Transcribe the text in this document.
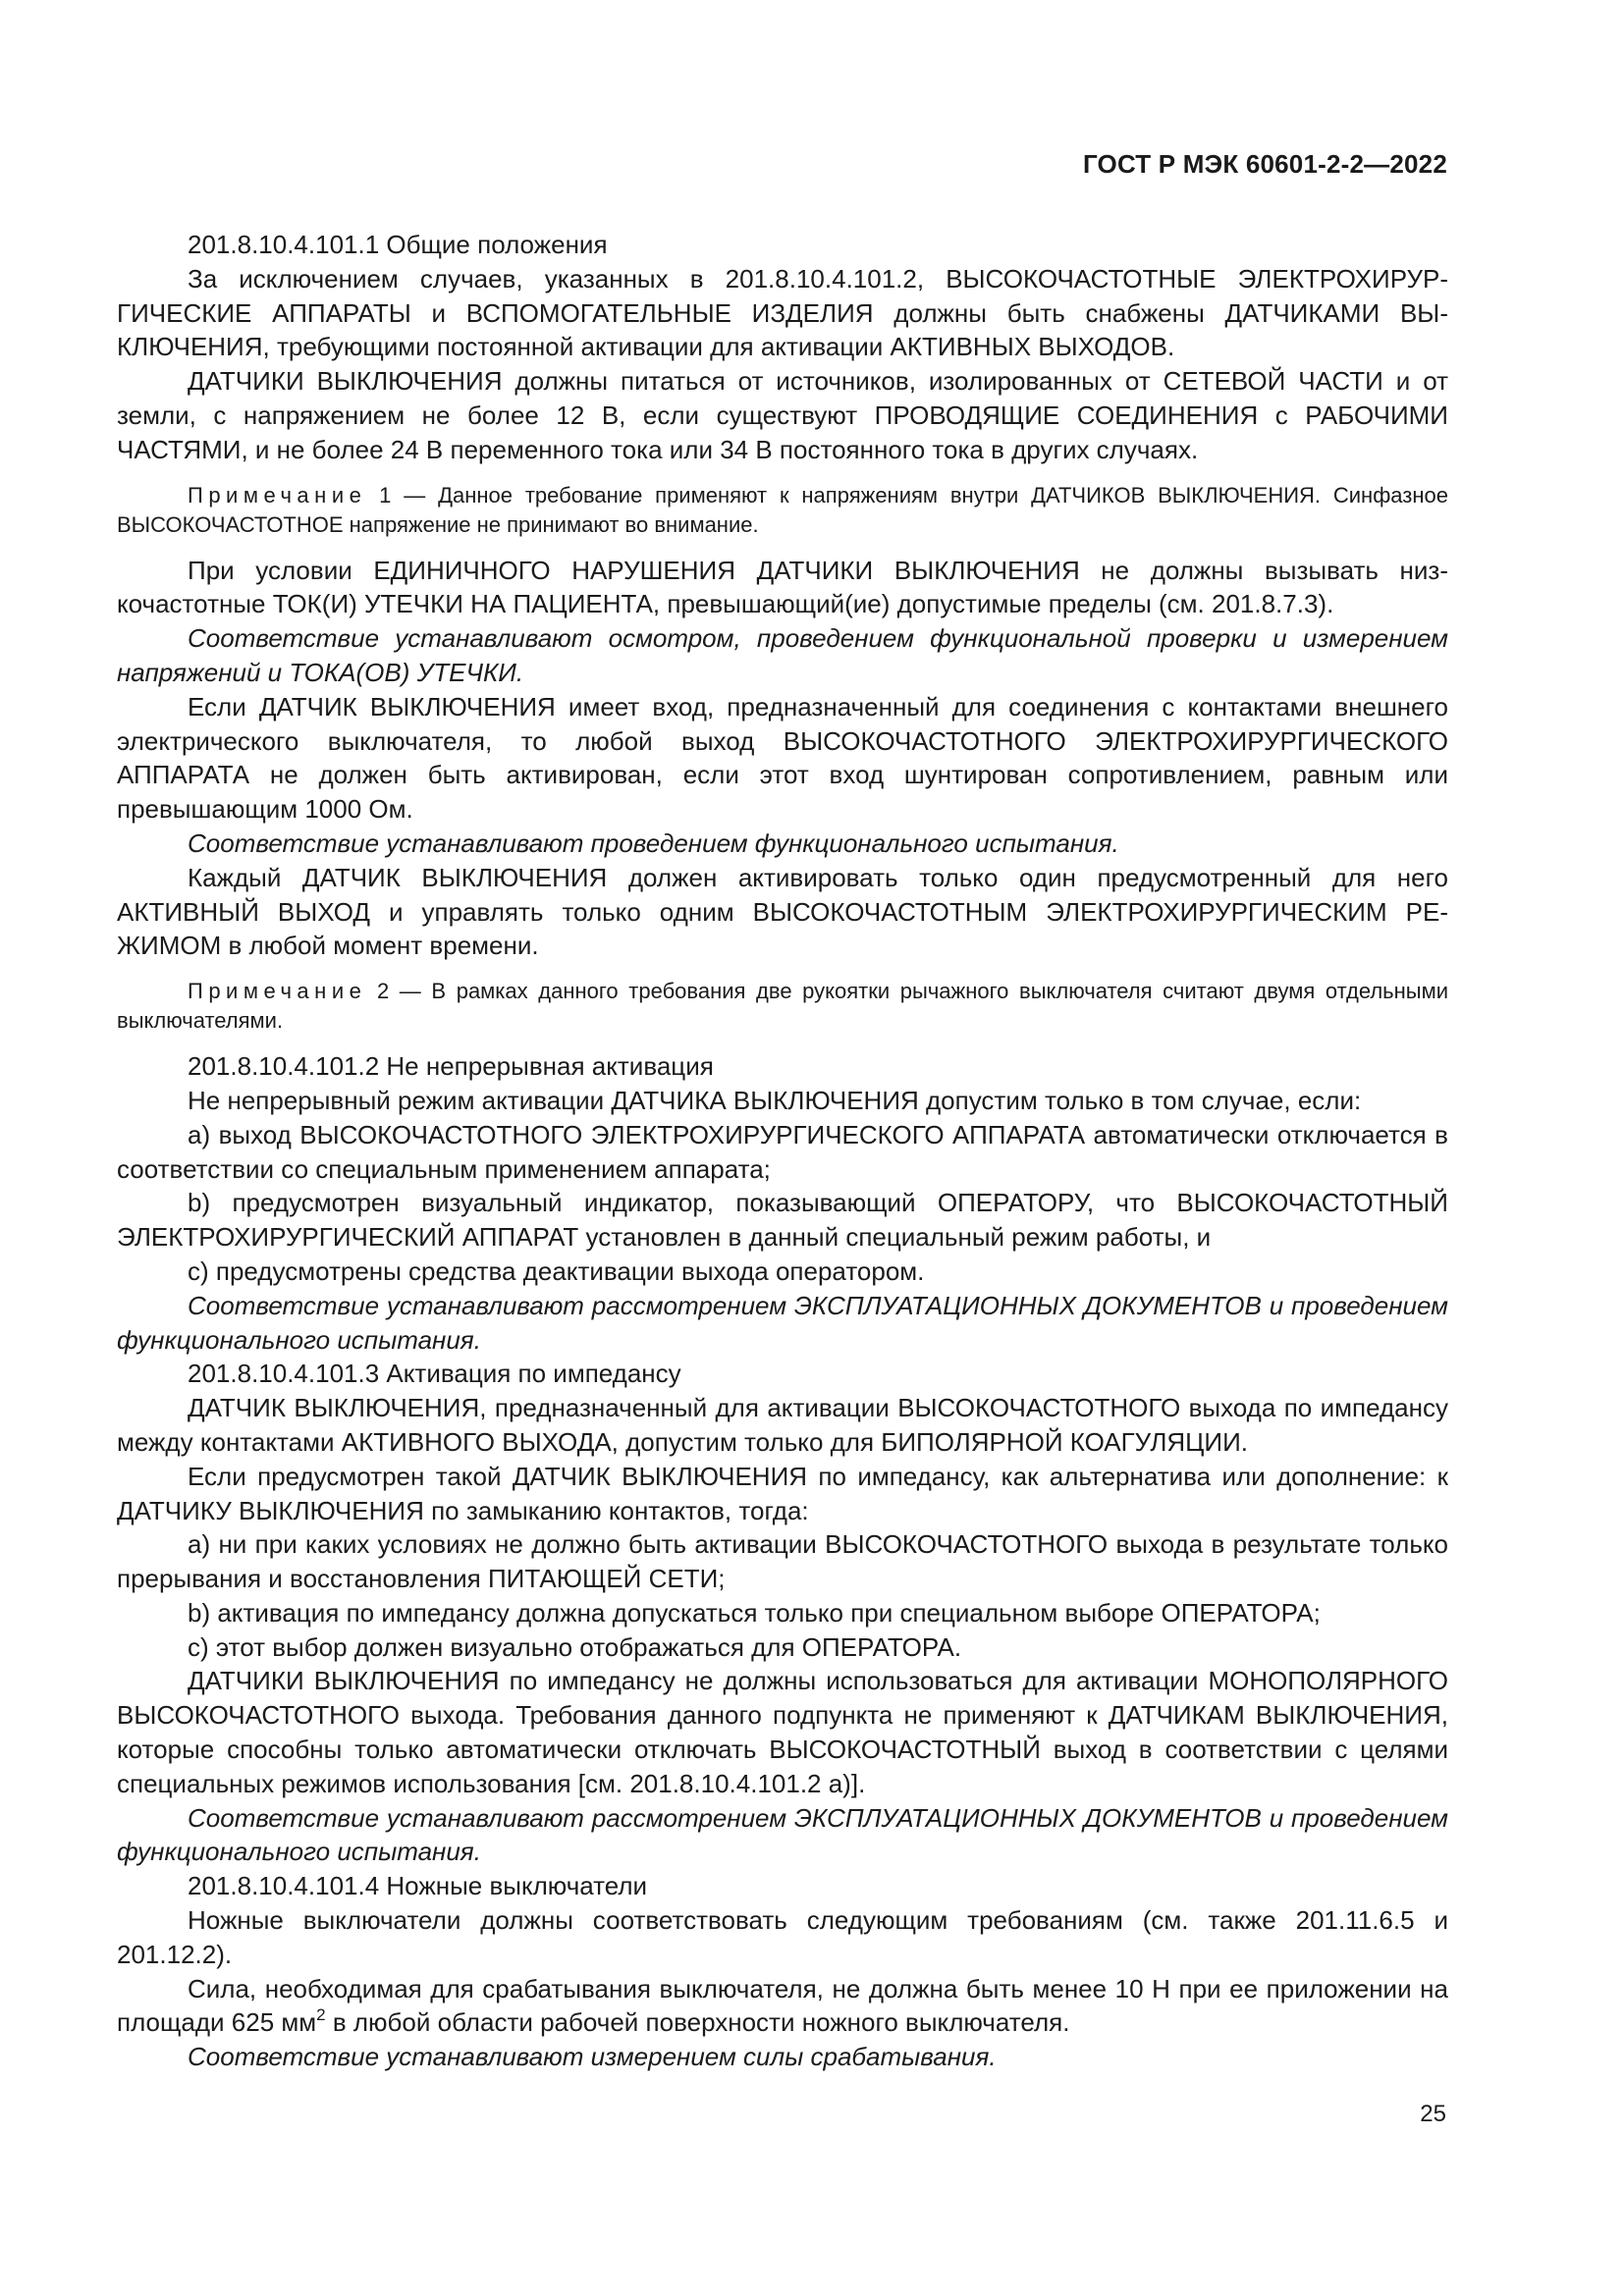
ГОСТ Р МЭК 60601-2-2—2022

201.8.10.4.101.1 Общие положения

За исключением случаев, указанных в 201.8.10.4.101.2, ВЫСОКОЧАСТОТНЫЕ ЭЛЕКТРОХИРУРГИЧЕСКИЕ АППАРАТЫ и ВСПОМОГАТЕЛЬНЫЕ ИЗДЕЛИЯ должны быть снабжены ДАТЧИКАМИ ВЫКЛЮЧЕНИЯ, требующими постоянной активации для активации АКТИВНЫХ ВЫХОДОВ.

ДАТЧИКИ ВЫКЛЮЧЕНИЯ должны питаться от источников, изолированных от СЕТЕВОЙ ЧАСТИ и от земли, с напряжением не более 12 В, если существуют ПРОВОДЯЩИЕ СОЕДИНЕНИЯ с РАБОЧИМИ ЧАСТЯМИ, и не более 24 В переменного тока или 34 В постоянного тока в других случаях.

Примечание 1 — Данное требование применяют к напряжениям внутри ДАТЧИКОВ ВЫКЛЮЧЕНИЯ. Синфазное ВЫСОКОЧАСТОТНОЕ напряжение не принимают во внимание.

При условии ЕДИНИЧНОГО НАРУШЕНИЯ ДАТЧИКИ ВЫКЛЮЧЕНИЯ не должны вызывать низкочастотные ТОК(И) УТЕЧКИ НА ПАЦИЕНТА, превышающий(ие) допустимые пределы (см. 201.8.7.3).

Соответствие устанавливают осмотром, проведением функциональной проверки и измерением напряжений и ТОКА(ОВ) УТЕЧКИ.

Если ДАТЧИК ВЫКЛЮЧЕНИЯ имеет вход, предназначенный для соединения с контактами внешнего электрического выключателя, то любой выход ВЫСОКОЧАСТОТНОГО ЭЛЕКТРОХИРУРГИЧЕСКОГО АППАРАТА не должен быть активирован, если этот вход шунтирован сопротивлением, равным или превышающим 1000 Ом.

Соответствие устанавливают проведением функционального испытания.

Каждый ДАТЧИК ВЫКЛЮЧЕНИЯ должен активировать только один предусмотренный для него АКТИВНЫЙ ВЫХОД и управлять только одним ВЫСОКОЧАСТОТНЫМ ЭЛЕКТРОХИРУРГИЧЕСКИМ РЕЖИМОМ в любой момент времени.

Примечание 2 — В рамках данного требования две рукоятки рычажного выключателя считают двумя отдельными выключателями.

201.8.10.4.101.2 Не непрерывная активация

Не непрерывный режим активации ДАТЧИКА ВЫКЛЮЧЕНИЯ допустим только в том случае, если:

a) выход ВЫСОКОЧАСТОТНОГО ЭЛЕКТРОХИРУРГИЧЕСКОГО АППАРАТА автоматически отключается в соответствии со специальным применением аппарата;

b) предусмотрен визуальный индикатор, показывающий ОПЕРАТОРУ, что ВЫСОКОЧАСТОТНЫЙ ЭЛЕКТРОХИРУРГИЧЕСКИЙ АППАРАТ установлен в данный специальный режим работы, и

c) предусмотрены средства деактивации выхода оператором.

Соответствие устанавливают рассмотрением ЭКСПЛУАТАЦИОННЫХ ДОКУМЕНТОВ и проведением функционального испытания.

201.8.10.4.101.3 Активация по импедансу

ДАТЧИК ВЫКЛЮЧЕНИЯ, предназначенный для активации ВЫСОКОЧАСТОТНОГО выхода по импедансу между контактами АКТИВНОГО ВЫХОДА, допустим только для БИПОЛЯРНОЙ КОАГУЛЯЦИИ.

Если предусмотрен такой ДАТЧИК ВЫКЛЮЧЕНИЯ по импедансу, как альтернатива или дополнение: к ДАТЧИКУ ВЫКЛЮЧЕНИЯ по замыканию контактов, тогда:

a) ни при каких условиях не должно быть активации ВЫСОКОЧАСТОТНОГО выхода в результате только прерывания и восстановления ПИТАЮЩЕЙ СЕТИ;

b) активация по импедансу должна допускаться только при специальном выборе ОПЕРАТОРА;

c) этот выбор должен визуально отображаться для ОПЕРАТОРА.

ДАТЧИКИ ВЫКЛЮЧЕНИЯ по импедансу не должны использоваться для активации МОНОПОЛЯРНОГО ВЫСОКОЧАСТОТНОГО выхода. Требования данного подпункта не применяют к ДАТЧИКАМ ВЫКЛЮЧЕНИЯ, которые способны только автоматически отключать ВЫСОКОЧАСТОТНЫЙ выход в соответствии с целями специальных режимов использования [см. 201.8.10.4.101.2 a)].

Соответствие устанавливают рассмотрением ЭКСПЛУАТАЦИОННЫХ ДОКУМЕНТОВ и проведением функционального испытания.

201.8.10.4.101.4 Ножные выключатели

Ножные выключатели должны соответствовать следующим требованиям (см. также 201.11.6.5 и 201.12.2).

Сила, необходимая для срабатывания выключателя, не должна быть менее 10 Н при ее приложении на площади 625 $мм^2$ в любой области рабочей поверхности ножного выключателя.

Соответствие устанавливают измерением силы срабатывания.

25
